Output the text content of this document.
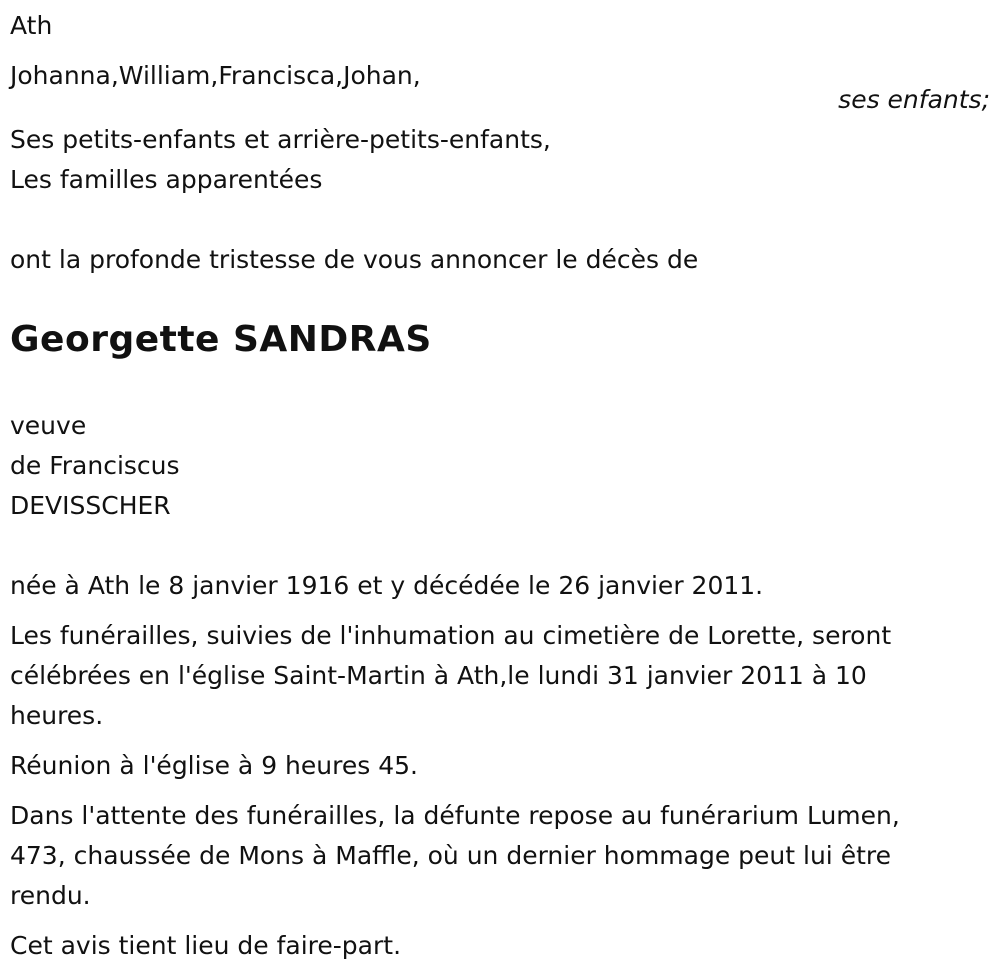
Ath
Johanna,William,Francisca,Johan,
ses enfants;
Ses petits-enfants et arrière-petits-enfants,
Les familles apparentées
ont la profonde tristesse de vous annoncer le décès de
Georgette SANDRAS
veuve
de Franciscus
DEVISSCHER
née à Ath le 8 janvier 1916 et y décédée le 26 janvier 2011.
Les funérailles, suivies de l'inhumation au cimetière de Lorette, seront
célébrées en l'église Saint-Martin à Ath,le lundi 31 janvier 2011 à 10
heures.
Réunion à l'église à 9 heures 45.
Dans l'attente des funérailles, la défunte repose au funérarium Lumen,
473, chaussée de Mons à Maffle, où un dernier hommage peut lui être
rendu.
Cet avis tient lieu de faire-part.
